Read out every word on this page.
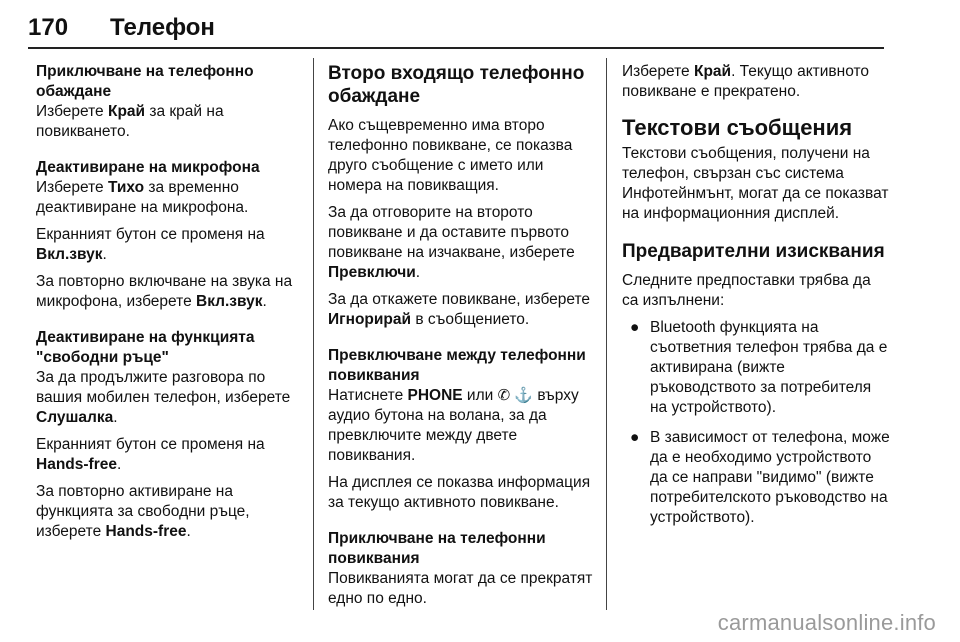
170 Телефон
Приключване на телефонно обаждане

Изберете Край за край на повикването.

Деактивиране на микрофона

Изберете Тихо за временно деактивиране на микрофона.

Екранният бутон се променя на Вкл.звук.

За повторно включване на звука на микрофона, изберете Вкл.звук.

Деактивиране на функцията "свободни ръце"

За да продължите разговора по вашия мобилен телефон, изберете Слушалка.

Екранният бутон се променя на Hands-free.

За повторно активиране на функцията за свободни ръце, изберете Hands-free.

Второ входящо телефонно обаждане

Ако същевременно има второ телефонно повикване, се показва друго съобщение с името или номера на повикващия.

За да отговорите на второто повикване и да оставите първото повикване на изчакване, изберете Превключи.

За да откажете повикване, изберете Игнорирай в съобщението.

Превключване между телефонни повиквания

Натиснете PHONE или ✆ ⚓ върху аудио бутона на волана, за да превключите между двете повиквания.

На дисплея се показва информация за текущо активното повикване.

Приключване на телефонни повиквания

Повикванията могат да се прекратят едно по едно.

Изберете Край. Текущо активното повикване е прекратено.

Текстови съобщения

Текстови съобщения, получени на телефон, свързан със система Инфотейнмънт, могат да се показват на информационния дисплей.

Предварителни изисквания

Следните предпоставки трябва да са изпълнени:

● Bluetooth функцията на съответния телефон трябва да е активирана (вижте ръководството за потребителя на устройството).
● В зависимост от телефона, може да е необходимо устройството да се направи "видимо" (вижте потребителското ръководство на устройството).
carmanualsonline.info
